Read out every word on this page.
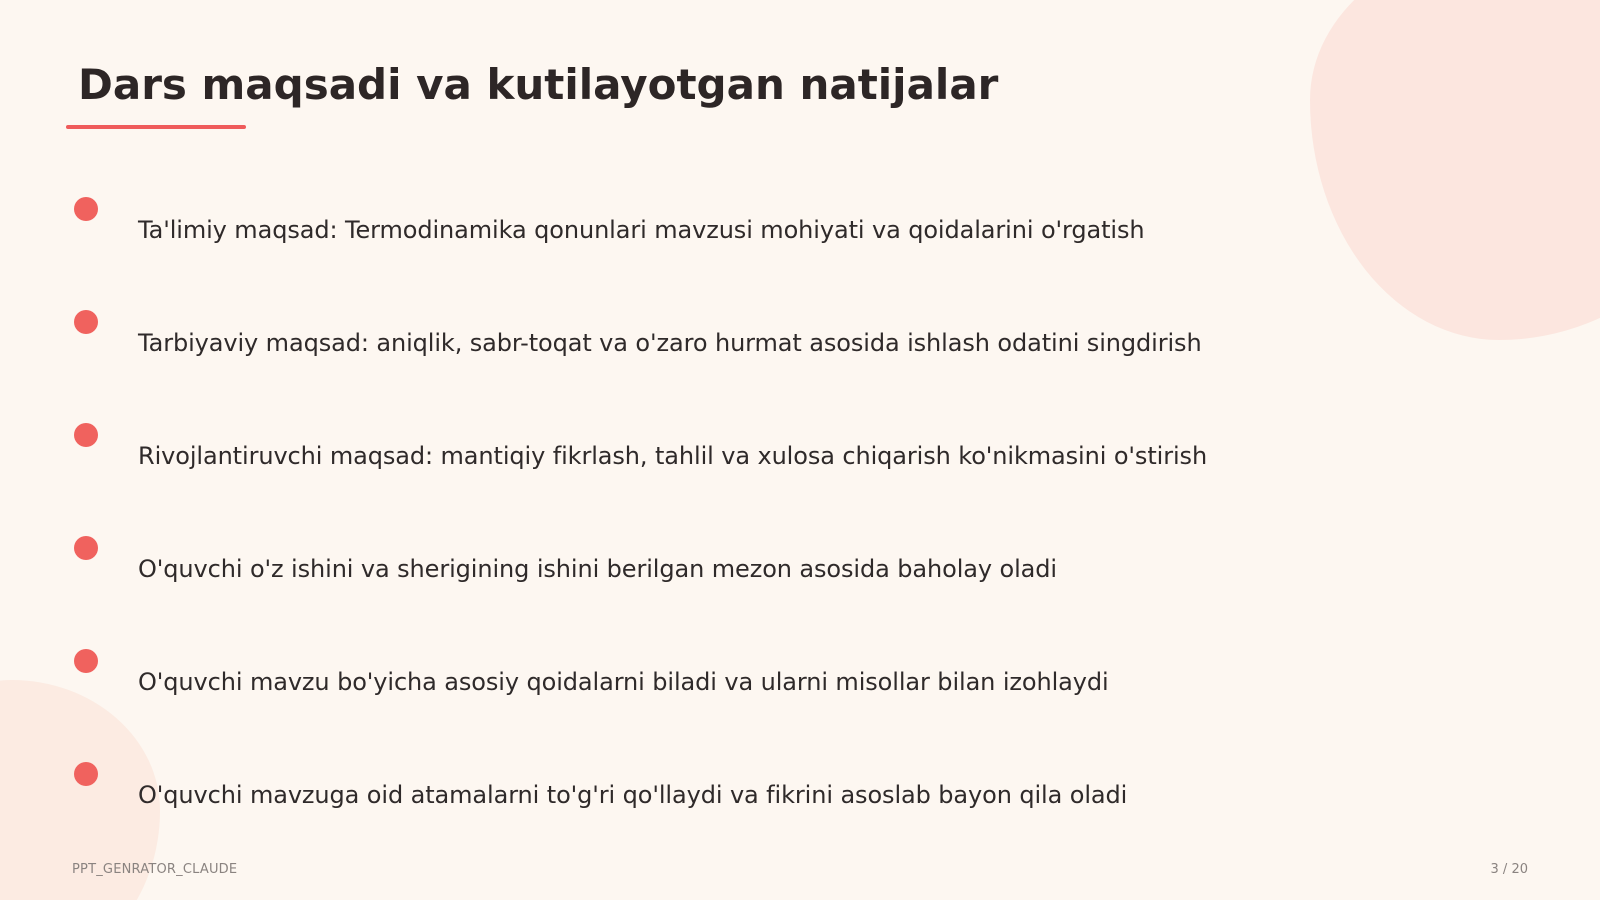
Dars maqsadi va kutilayotgan natijalar
Ta'limiy maqsad: Termodinamika qonunlari mavzusi mohiyati va qoidalarini o'rgatish
Tarbiyaviy maqsad: aniqlik, sabr-toqat va o'zaro hurmat asosida ishlash odatini singdirish
Rivojlantiruvchi maqsad: mantiqiy fikrlash, tahlil va xulosa chiqarish ko'nikmasini o'stirish
O'quvchi o'z ishini va sherigining ishini berilgan mezon asosida baholay oladi
O'quvchi mavzu bo'yicha asosiy qoidalarni biladi va ularni misollar bilan izohlaydi
O'quvchi mavzuga oid atamalarni to'g'ri qo'llaydi va fikrini asoslab bayon qila oladi
PPT_GENRATOR_CLAUDE	3 / 20
